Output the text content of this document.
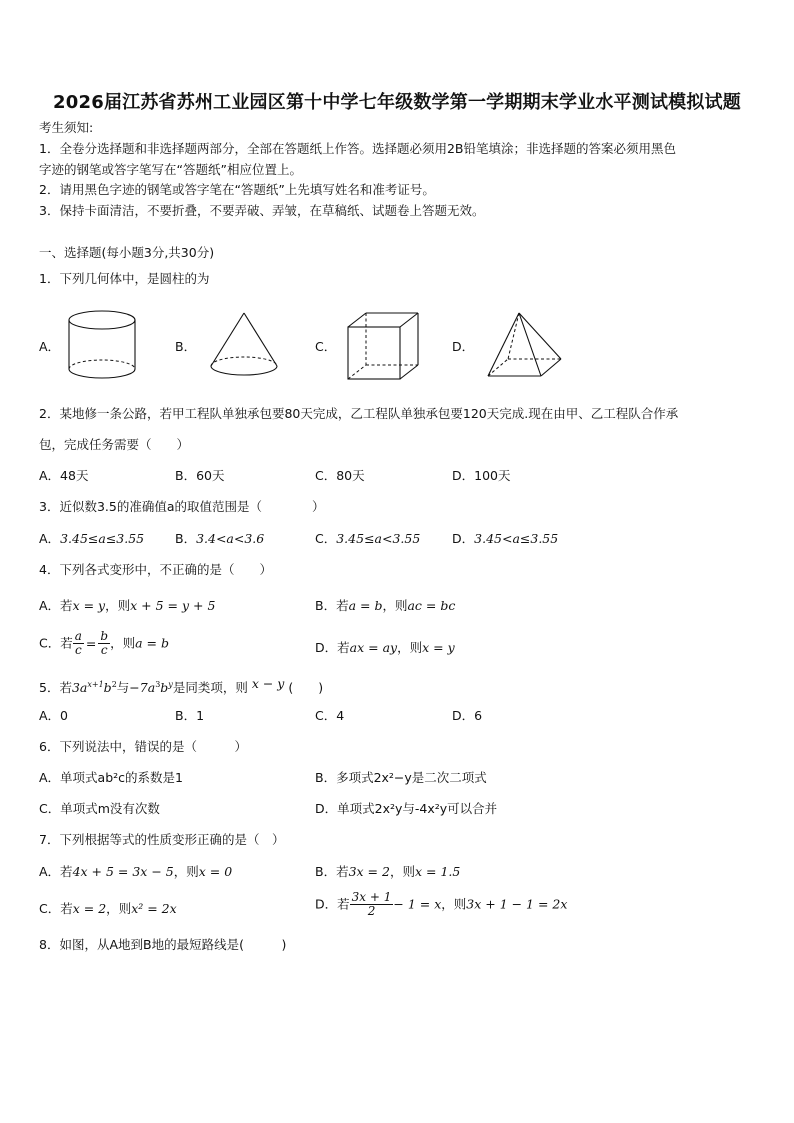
2026届江苏省苏州工业园区第十中学七年级数学第一学期期末学业水平测试模拟试题
考生须知:
1．全卷分选择题和非选择题两部分，全部在答题纸上作答。选择题必须用2B铅笔填涂；非选择题的答案必须用黑色
字迹的钢笔或答字笔写在“答题纸”相应位置上。
2．请用黑色字迹的钢笔或答字笔在“答题纸”上先填写姓名和准考证号。
3．保持卡面清洁，不要折叠，不要弄破、弄皱，在草稿纸、试题卷上答题无效。
一、选择题(每小题3分,共30分)
1．下列几何体中，是圆柱的为
A．	B．	C．	D．
2．某地修一条公路，若甲工程队单独承包要80天完成，乙工程队单独承包要120天完成.现在由甲、乙工程队合作承
包，完成任务需要（　　）
A．48天	B．60天	C．80天	D．100天
3．近似数3.5的准确值a的取值范围是（　　　　）
A．3.45≤a≤3.55 B．3.4<a<3.6	C．3.45≤a<3.55	D．3.45<a≤3.55
4．下列各式变形中，不正确的是（　　）
A．若x = y，则x + 5 = y + 5	B．若a = b，则ac = bc
C．若 $\frac{a}{c} = \frac{b}{c}$ ，则a = b	D．若ax = ay，则x = y
5．若$3a^{x+1}b^2$与$-7a^3b^y$是同类项，则 x − y (　　)
A．0	B．1	C．4	D．6
6．下列说法中，错误的是（　　　）
A．单项式ab²c的系数是1	B．多项式2x²−y是二次二项式
C．单项式m没有次数	D．单项式2x²y与-4x²y可以合并
7．下列根据等式的性质变形正确的是（　）
A．若4x + 5 = 3x − 5，则x = 0	B．若3x = 2，则x = 1.5
C．若x = 2，则x² = 2x	D．若 $\frac{3x + 1}{2} - 1 = x$，则3x + 1 − 1 = 2x
8．如图，从A地到B地的最短路线是(　　　)
